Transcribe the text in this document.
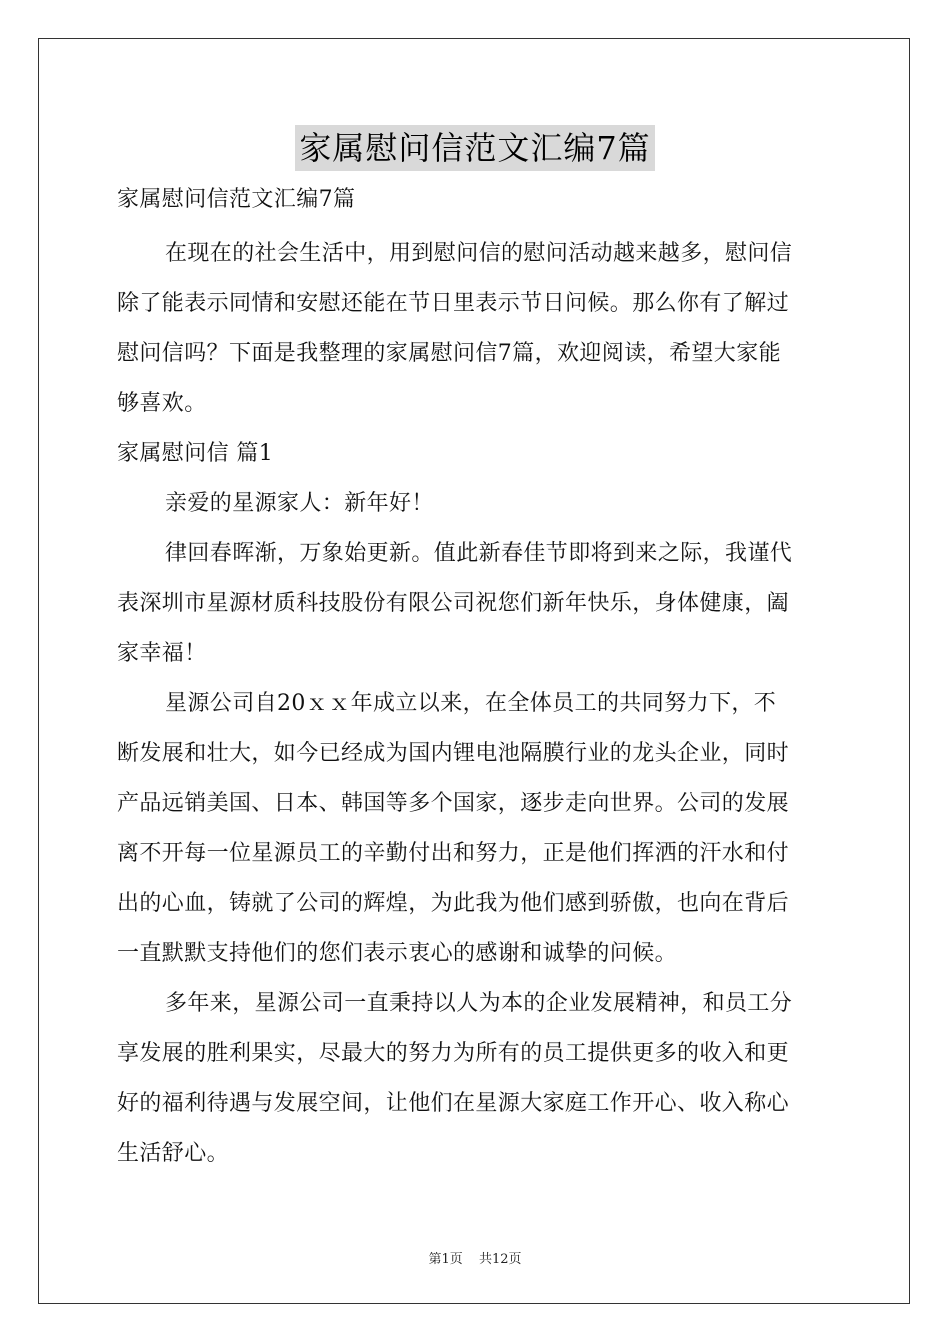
家属慰问信范文汇编7篇
家属慰问信范文汇编7篇
在现在的社会生活中，用到慰问信的慰问活动越来越多，慰问信
除了能表示同情和安慰还能在节日里表示节日问候。那么你有了解过
慰问信吗？下面是我整理的家属慰问信7篇，欢迎阅读，希望大家能
够喜欢。
家属慰问信 篇1
亲爱的星源家人：新年好！
律回春晖渐，万象始更新。值此新春佳节即将到来之际，我谨代
表深圳市星源材质科技股份有限公司祝您们新年快乐，身体健康，阖
家幸福！
星源公司自20ｘｘ年成立以来，在全体员工的共同努力下，不
断发展和壮大，如今已经成为国内锂电池隔膜行业的龙头企业，同时
产品远销美国、日本、韩国等多个国家，逐步走向世界。公司的发展
离不开每一位星源员工的辛勤付出和努力，正是他们挥洒的汗水和付
出的心血，铸就了公司的辉煌，为此我为他们感到骄傲，也向在背后
一直默默支持他们的您们表示衷心的感谢和诚挚的问候。
多年来，星源公司一直秉持以人为本的企业发展精神，和员工分
享发展的胜利果实，尽最大的努力为所有的员工提供更多的收入和更
好的福利待遇与发展空间，让他们在星源大家庭工作开心、收入称心
生活舒心。
第1页 共12页
